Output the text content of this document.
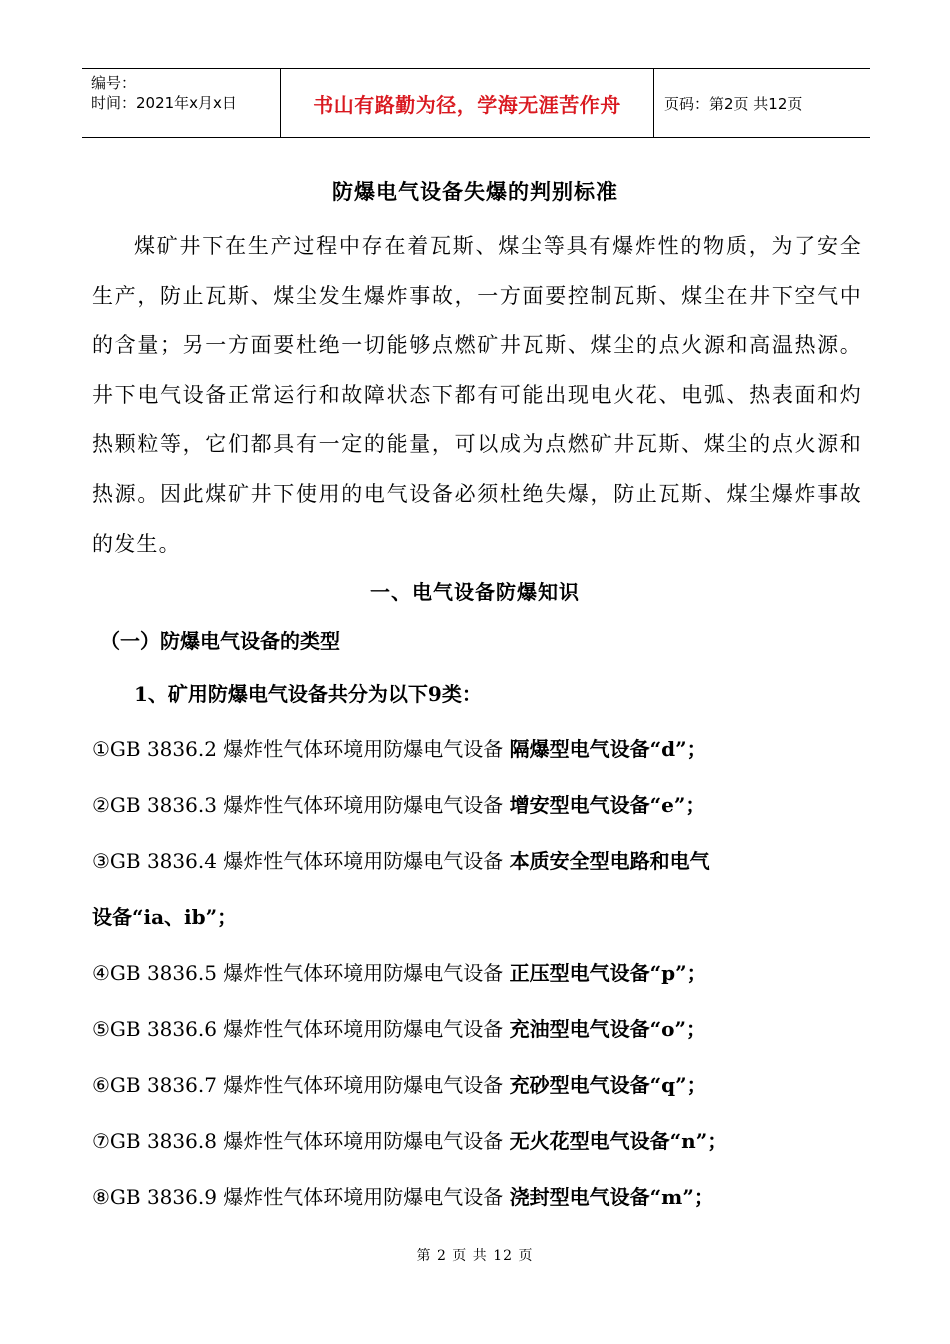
编号：
时间：2021年x月x日	书山有路勤为径，学海无涯苦作舟	页码：第2页 共12页
防爆电气设备失爆的判别标准

煤矿井下在生产过程中存在着瓦斯、煤尘等具有爆炸性的物质，为了安全生产，防止瓦斯、煤尘发生爆炸事故，一方面要控制瓦斯、煤尘在井下空气中的含量；另一方面要杜绝一切能够点燃矿井瓦斯、煤尘的点火源和高温热源。井下电气设备正常运行和故障状态下都有可能出现电火花、电弧、热表面和灼热颗粒等，它们都具有一定的能量，可以成为点燃矿井瓦斯、煤尘的点火源和热源。因此煤矿井下使用的电气设备必须杜绝失爆，防止瓦斯、煤尘爆炸事故的发生。

一、电气设备防爆知识
（一）防爆电气设备的类型
1、矿用防爆电气设备共分为以下9类：
①GB 3836.2 爆炸性气体环境用防爆电气设备 隔爆型电气设备“d”；
②GB 3836.3 爆炸性气体环境用防爆电气设备 增安型电气设备“e”；
③GB 3836.4 爆炸性气体环境用防爆电气设备 本质安全型电路和电气
设备“ia、ib”；
④GB 3836.5 爆炸性气体环境用防爆电气设备 正压型电气设备“p”；
⑤GB 3836.6 爆炸性气体环境用防爆电气设备 充油型电气设备“o”；
⑥GB 3836.7 爆炸性气体环境用防爆电气设备 充砂型电气设备“q”；
⑦GB 3836.8 爆炸性气体环境用防爆电气设备 无火花型电气设备“n”；
⑧GB 3836.9 爆炸性气体环境用防爆电气设备 浇封型电气设备“m”；
第 2 页 共 12 页
